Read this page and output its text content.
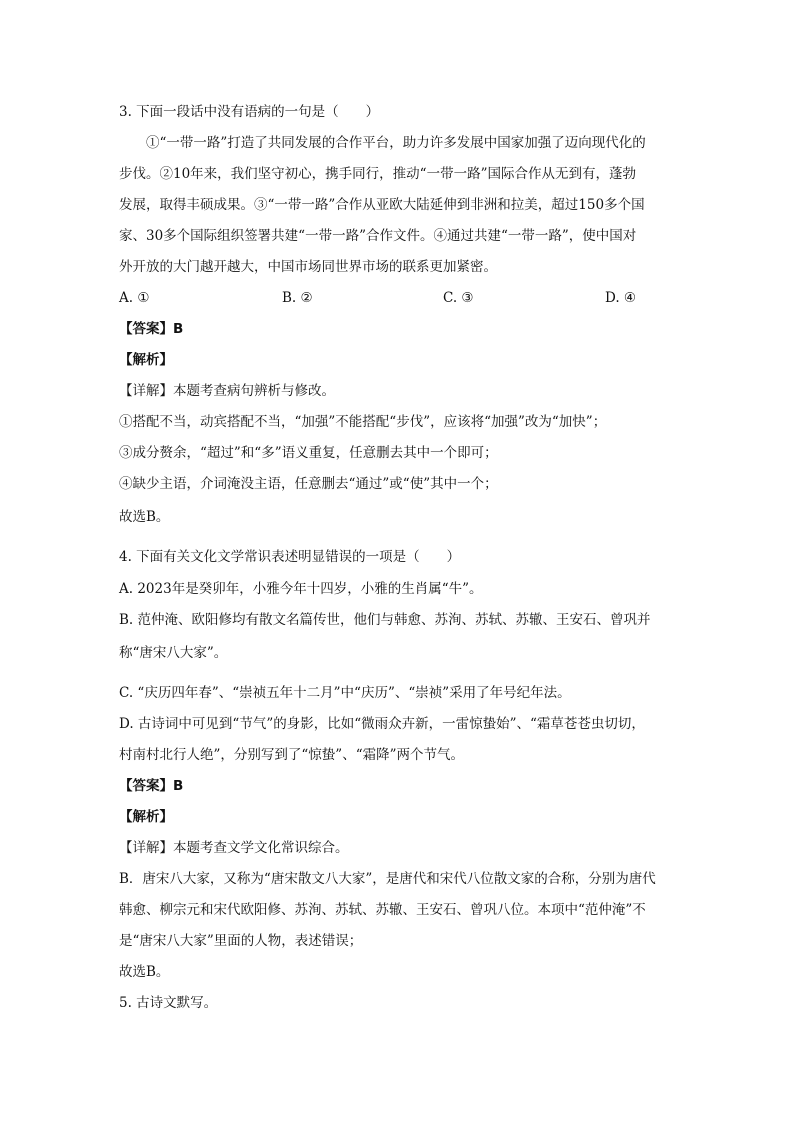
3. 下面一段话中没有语病的一句是（　　）
①“一带一路”打造了共同发展的合作平台，助力许多发展中国家加强了迈向现代化的
步伐。②10年来，我们坚守初心，携手同行，推动“一带一路”国际合作从无到有，蓬勃
发展，取得丰硕成果。③“一带一路”合作从亚欧大陆延伸到非洲和拉美，超过150多个国
家、30多个国际组织签署共建“一带一路”合作文件。④通过共建“一带一路”，使中国对
外开放的大门越开越大，中国市场同世界市场的联系更加紧密。
A. ①	B. ②	C. ③	D. ④
【答案】B
【解析】
【详解】本题考查病句辨析与修改。
①搭配不当，动宾搭配不当，“加强”不能搭配“步伐”，应该将“加强”改为“加快”；
③成分赘余，“超过”和“多”语义重复，任意删去其中一个即可；
④缺少主语，介词淹没主语，任意删去“通过”或“使”其中一个；
故选B。
4. 下面有关文化文学常识表述明显错误的一项是（　　）
A. 2023年是癸卯年，小雅今年十四岁，小雅的生肖属“牛”。
B. 范仲淹、欧阳修均有散文名篇传世，他们与韩愈、苏洵、苏轼、苏辙、王安石、曾巩并
称“唐宋八大家”。
C. “庆历四年春”、“崇祯五年十二月”中“庆历”、“崇祯”采用了年号纪年法。
D. 古诗词中可见到“节气”的身影，比如“微雨众卉新，一雷惊蛰始”、“霜草苍苍虫切切，
村南村北行人绝”，分别写到了“惊蛰”、“霜降”两个节气。
【答案】B
【解析】
【详解】本题考查文学文化常识综合。
B．唐宋八大家，又称为“唐宋散文八大家”，是唐代和宋代八位散文家的合称，分别为唐代
韩愈、柳宗元和宋代欧阳修、苏洵、苏轼、苏辙、王安石、曾巩八位。本项中“范仲淹”不
是“唐宋八大家”里面的人物，表述错误；
故选B。
5. 古诗文默写。
